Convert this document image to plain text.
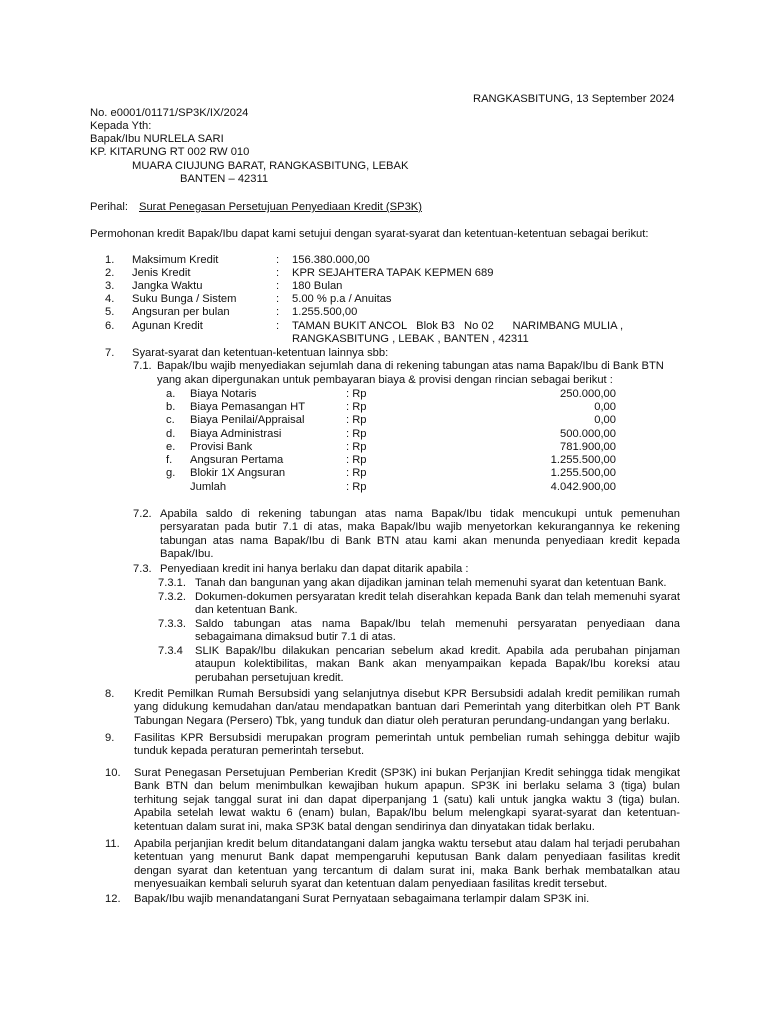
RANGKASBITUNG, 13 September 2024
No. e0001/01171/SP3K/IX/2024
Kepada Yth:
Bapak/Ibu NURLELA SARI
KP. KITARUNG RT 002 RW 010
MUARA CIUJUNG BARAT, RANGKASBITUNG, LEBAK
BANTEN – 42311
Perihal: Surat Penegasan Persetujuan Penyediaan Kredit (SP3K)
Permohonan kredit Bapak/Ibu dapat kami setujui dengan syarat-syarat dan ketentuan-ketentuan sebagai berikut:
1. Maksimum Kredit	: 156.380.000,00
2. Jenis Kredit	: KPR SEJAHTERA TAPAK KEPMEN 689
3. Jangka Waktu	: 180 Bulan
4. Suku Bunga / Sistem	: 5.00 % p.a / Anuitas
5. Angsuran per bulan	: 1.255.500,00
6. Agunan Kredit	: TAMAN BUKIT ANCOL   Blok B3   No 02      NARIMBANG MULIA ,
RANGKASBITUNG , LEBAK , BANTEN , 42311
7. Syarat-syarat dan ketentuan-ketentuan lainnya sbb:
7.1. Bapak/Ibu wajib menyediakan sejumlah dana di rekening tabungan atas nama Bapak/Ibu di Bank BTN
yang akan dipergunakan untuk pembayaran biaya & provisi dengan rincian sebagai berikut :
a. Biaya Notaris	: Rp	250.000,00
b. Biaya Pemasangan HT	: Rp	0,00
c. Biaya Penilai/Appraisal	: Rp	0,00
d. Biaya Administrasi	: Rp	500.000,00
e. Provisi Bank	: Rp	781.900,00
f. Angsuran Pertama	: Rp	1.255.500,00
g. Blokir 1X Angsuran	: Rp	1.255.500,00
Jumlah	: Rp	4.042.900,00
7.2. Apabila saldo di rekening tabungan atas nama Bapak/Ibu tidak mencukupi untuk pemenuhan persyaratan pada butir 7.1 di atas, maka Bapak/Ibu wajib menyetorkan kekurangannya ke rekening tabungan atas nama Bapak/Ibu di Bank BTN atau kami akan menunda penyediaan kredit kepada Bapak/Ibu.
7.3. Penyediaan kredit ini hanya berlaku dan dapat ditarik apabila :
7.3.1. Tanah dan bangunan yang akan dijadikan jaminan telah memenuhi syarat dan ketentuan Bank.
7.3.2. Dokumen-dokumen persyaratan kredit telah diserahkan kepada Bank dan telah memenuhi syarat dan ketentuan Bank.
7.3.3. Saldo tabungan atas nama Bapak/Ibu telah memenuhi persyaratan penyediaan dana sebagaimana dimaksud butir 7.1 di atas.
7.3.4 SLIK Bapak/Ibu dilakukan pencarian sebelum akad kredit. Apabila ada perubahan pinjaman ataupun kolektibilitas, makan Bank akan menyampaikan kepada Bapak/Ibu koreksi atau perubahan persetujuan kredit.
8. Kredit Pemilkan Rumah Bersubsidi yang selanjutnya disebut KPR Bersubsidi adalah kredit pemilikan rumah yang didukung kemudahan dan/atau mendapatkan bantuan dari Pemerintah yang diterbitkan oleh PT Bank Tabungan Negara (Persero) Tbk, yang tunduk dan diatur oleh peraturan perundang-undangan yang berlaku.
9. Fasilitas KPR Bersubsidi merupakan program pemerintah untuk pembelian rumah sehingga debitur wajib tunduk kepada peraturan pemerintah tersebut.
10. Surat Penegasan Persetujuan Pemberian Kredit (SP3K) ini bukan Perjanjian Kredit sehingga tidak mengikat Bank BTN dan belum menimbulkan kewajiban hukum apapun. SP3K ini berlaku selama 3 (tiga) bulan terhitung sejak tanggal surat ini dan dapat diperpanjang 1 (satu) kali untuk jangka waktu 3 (tiga) bulan. Apabila setelah lewat waktu 6 (enam) bulan, Bapak/Ibu belum melengkapi syarat-syarat dan ketentuan-ketentuan dalam surat ini, maka SP3K batal dengan sendirinya dan dinyatakan tidak berlaku.
11. Apabila perjanjian kredit belum ditandatangani dalam jangka waktu tersebut atau dalam hal terjadi perubahan ketentuan yang menurut Bank dapat mempengaruhi keputusan Bank dalam penyediaan fasilitas kredit dengan syarat dan ketentuan yang tercantum di dalam surat ini, maka Bank berhak membatalkan atau menyesuaikan kembali seluruh syarat dan ketentuan dalam penyediaan fasilitas kredit tersebut.
12. Bapak/Ibu wajib menandatangani Surat Pernyataan sebagaimana terlampir dalam SP3K ini.
